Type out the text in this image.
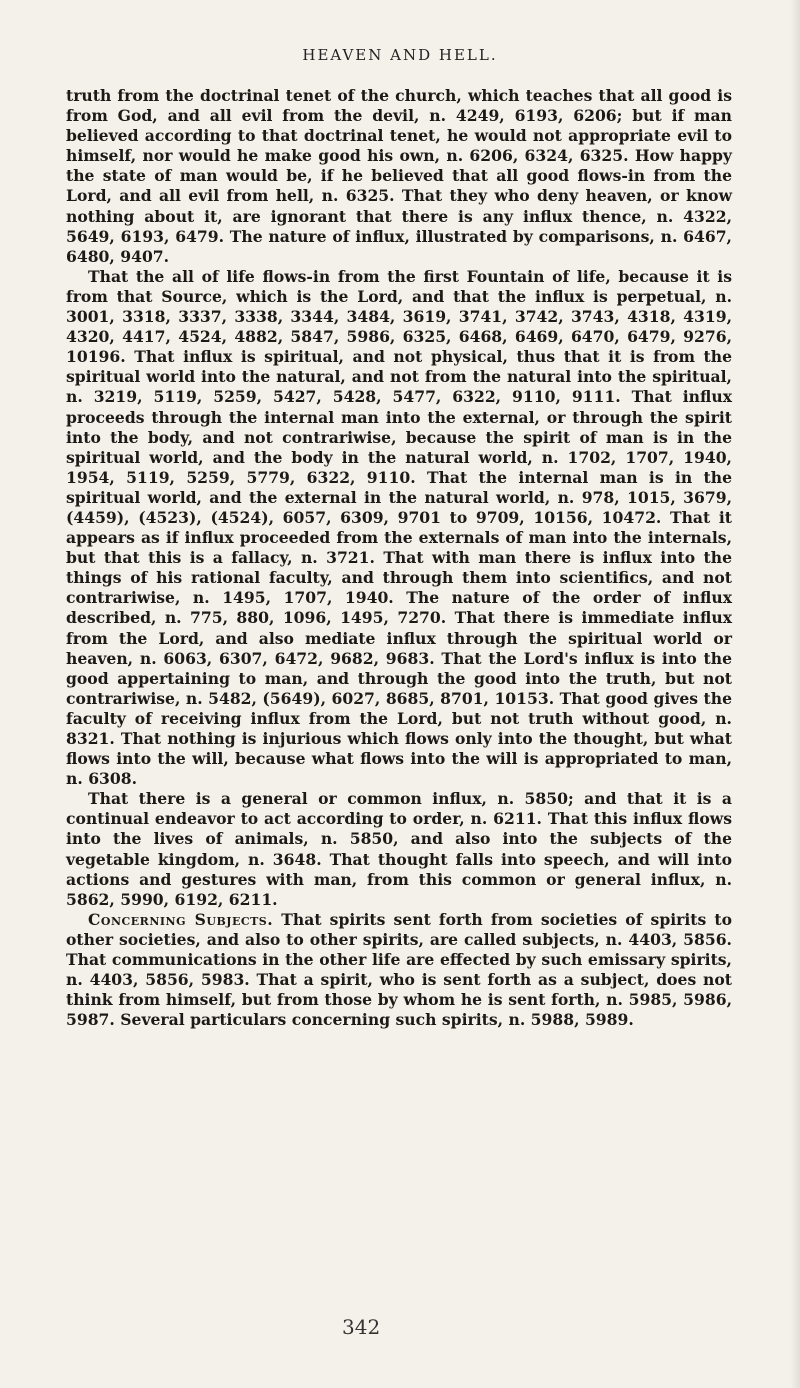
HEAVEN AND HELL.

truth from the doctrinal tenet of the church, which teaches that all good is from God, and all evil from the devil, n. 4249, 6193, 6206; but if man believed according to that doctrinal tenet, he would not appropriate evil to himself, nor would he make good his own, n. 6206, 6324, 6325. How happy the state of man would be, if he believed that all good flows-in from the Lord, and all evil from hell, n. 6325. That they who deny heaven, or know nothing about it, are ignorant that there is any influx thence, n. 4322, 5649, 6193, 6479. The nature of influx, illustrated by comparisons, n. 6467, 6480, 9407.

That the all of life flows-in from the first Fountain of life, because it is from that Source, which is the Lord, and that the influx is perpetual, n. 3001, 3318, 3337, 3338, 3344, 3484, 3619, 3741, 3742, 3743, 4318, 4319, 4320, 4417, 4524, 4882, 5847, 5986, 6325, 6468, 6469, 6470, 6479, 9276, 10196. That influx is spiritual, and not physical, thus that it is from the spiritual world into the natural, and not from the natural into the spiritual, n. 3219, 5119, 5259, 5427, 5428, 5477, 6322, 9110, 9111. That influx proceeds through the internal man into the external, or through the spirit into the body, and not contrariwise, because the spirit of man is in the spiritual world, and the body in the natural world, n. 1702, 1707, 1940, 1954, 5119, 5259, 5779, 6322, 9110. That the internal man is in the spiritual world, and the external in the natural world, n. 978, 1015, 3679, (4459), (4523), (4524), 6057, 6309, 9701 to 9709, 10156, 10472. That it appears as if influx proceeded from the externals of man into the internals, but that this is a fallacy, n. 3721. That with man there is influx into the things of his rational faculty, and through them into scientifics, and not contrariwise, n. 1495, 1707, 1940. The nature of the order of influx described, n. 775, 880, 1096, 1495, 7270. That there is immediate influx from the Lord, and also mediate influx through the spiritual world or heaven, n. 6063, 6307, 6472, 9682, 9683. That the Lord's influx is into the good appertaining to man, and through the good into the truth, but not contrariwise, n. 5482, (5649), 6027, 8685, 8701, 10153. That good gives the faculty of receiving influx from the Lord, but not truth without good, n. 8321. That nothing is injurious which flows only into the thought, but what flows into the will, because what flows into the will is appropriated to man, n. 6308.

That there is a general or common influx, n. 5850; and that it is a continual endeavor to act according to order, n. 6211. That this influx flows into the lives of animals, n. 5850, and also into the subjects of the vegetable kingdom, n. 3648. That thought falls into speech, and will into actions and gestures with man, from this common or general influx, n. 5862, 5990, 6192, 6211.

Concerning Subjects. That spirits sent forth from societies of spirits to other societies, and also to other spirits, are called subjects, n. 4403, 5856. That communications in the other life are effected by such emissary spirits, n. 4403, 5856, 5983. That a spirit, who is sent forth as a subject, does not think from himself, but from those by whom he is sent forth, n. 5985, 5986, 5987. Several particulars concerning such spirits, n. 5988, 5989.

342
